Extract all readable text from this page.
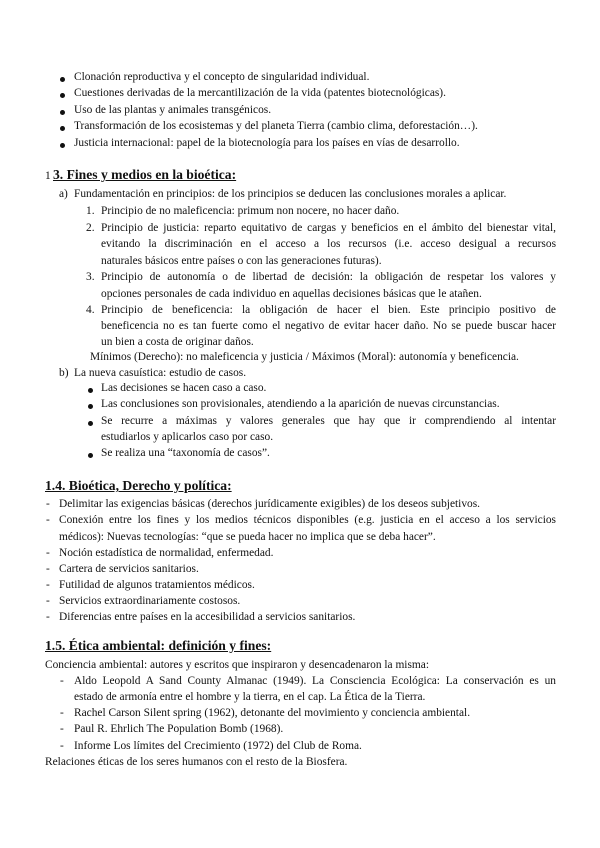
Clonación reproductiva y el concepto de singularidad individual.
Cuestiones derivadas de la mercantilización de la vida (patentes biotecnológicas).
Uso de las plantas y animales transgénicos.
Transformación de los ecosistemas y del planeta Tierra (cambio clima, deforestación…).
Justicia internacional: papel de la biotecnología para los países en vías de desarrollo.
1 3. Fines y medios en la bioética:
a) Fundamentación en principios: de los principios se deducen las conclusiones morales a aplicar.
1. Principio de no maleficencia: primum non nocere, no hacer daño.
2. Principio de justicia: reparto equitativo de cargas y beneficios en el ámbito del bienestar vital,
evitando la discriminación en el acceso a los recursos (i.e. acceso desigual a recursos
naturales básicos entre países o con las generaciones futuras).
3. Principio de autonomía o de libertad de decisión: la obligación de respetar los valores y
opciones personales de cada individuo en aquellas decisiones básicas que le atañen.
4. Principio de beneficencia: la obligación de hacer el bien. Este principio positivo de
beneficencia no es tan fuerte como el negativo de evitar hacer daño. No se puede buscar hacer
un bien a costa de originar daños.
Mínimos (Derecho): no maleficencia y justicia / Máximos (Moral): autonomía y beneficencia.
b) La nueva casuística: estudio de casos.
Las decisiones se hacen caso a caso.
Las conclusiones son provisionales, atendiendo a la aparición de nuevas circunstancias.
Se recurre a máximas y valores generales que hay que ir comprendiendo al intentar
estudiarlos y aplicarlos caso por caso.
Se realiza una “taxonomía de casos”.
1.4. Bioética, Derecho y política:
- Delimitar las exigencias básicas (derechos jurídicamente exigibles) de los deseos subjetivos.
- Conexión entre los fines y los medios técnicos disponibles (e.g. justicia en el acceso a los servicios
médicos): Nuevas tecnologías: “que se pueda hacer no implica que se deba hacer”.
- Noción estadística de normalidad, enfermedad.
- Cartera de servicios sanitarios.
- Futilidad de algunos tratamientos médicos.
- Servicios extraordinariamente costosos.
- Diferencias entre países en la accesibilidad a servicios sanitarios.
1.5. Ética ambiental: definición y fines:
Conciencia ambiental: autores y escritos que inspiraron y desencadenaron la misma:
- Aldo Leopold A Sand County Almanac (1949). La Consciencia Ecológica: La conservación es un
estado de armonía entre el hombre y la tierra, en el cap. La Ética de la Tierra.
- Rachel Carson Silent spring (1962), detonante del movimiento y conciencia ambiental.
- Paul R. Ehrlich The Population Bomb (1968).
- Informe Los límites del Crecimiento (1972) del Club de Roma.
Relaciones éticas de los seres humanos con el resto de la Biosfera.
